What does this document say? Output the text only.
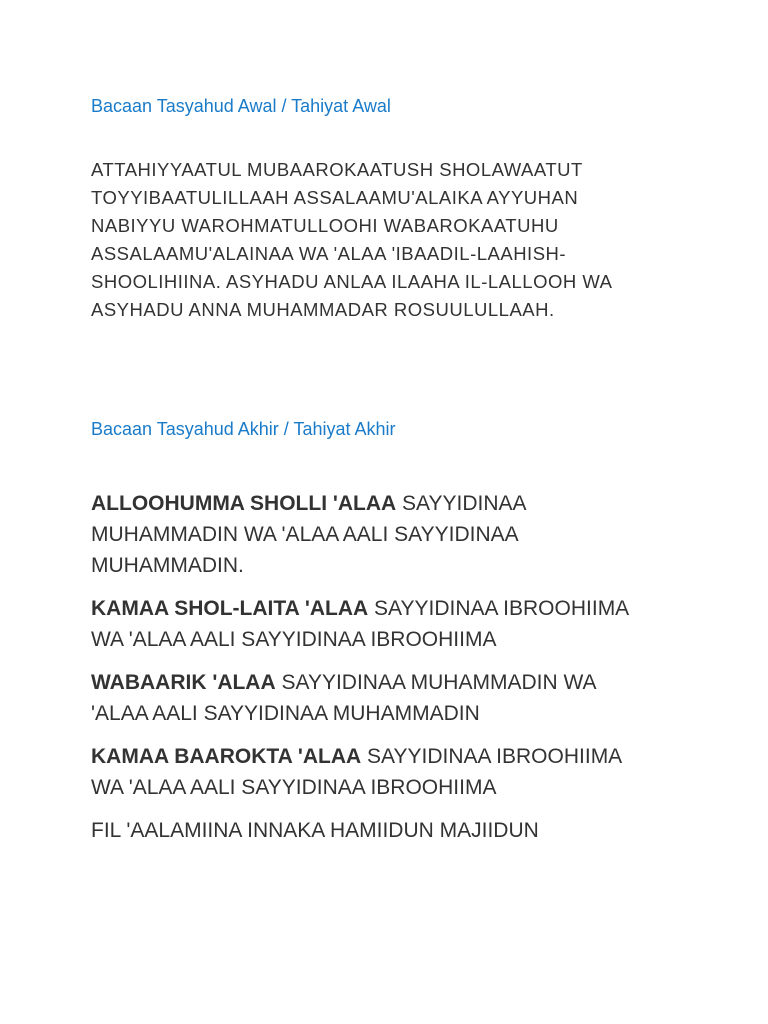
Bacaan Tasyahud Awal / Tahiyat Awal

ATTAHIYYAATUL MUBAAROKAATUSH SHOLAWAATUT
TOYYIBAATULILLAAH ASSALAAMU'ALAIKA AYYUHAN
NABIYYU WAROHMATULLOOHI WABAROKAATUHU
ASSALAAMU'ALAINAA WA 'ALAA 'IBAADIL-LAAHISH-
SHOOLIHIINA. ASYHADU ANLAA ILAAHA IL-LALLOOH WA
ASYHADU ANNA MUHAMMADAR ROSUULULLAAH.

Bacaan Tasyahud Akhir / Tahiyat Akhir

ALLOOHUMMA SHOLLI 'ALAA SAYYIDINAA
MUHAMMADIN WA 'ALAA AALI SAYYIDINAA
MUHAMMADIN.

KAMAA SHOL-LAITA 'ALAA SAYYIDINAA IBROOHIIMA
WA 'ALAA AALI SAYYIDINAA IBROOHIIMA

WABAARIK 'ALAA SAYYIDINAA MUHAMMADIN WA
'ALAA AALI SAYYIDINAA MUHAMMADIN

KAMAA BAAROKTA 'ALAA SAYYIDINAA IBROOHIIMA
WA 'ALAA AALI SAYYIDINAA IBROOHIIMA

FIL 'AALAMIINA INNAKA HAMIIDUN MAJIIDUN
